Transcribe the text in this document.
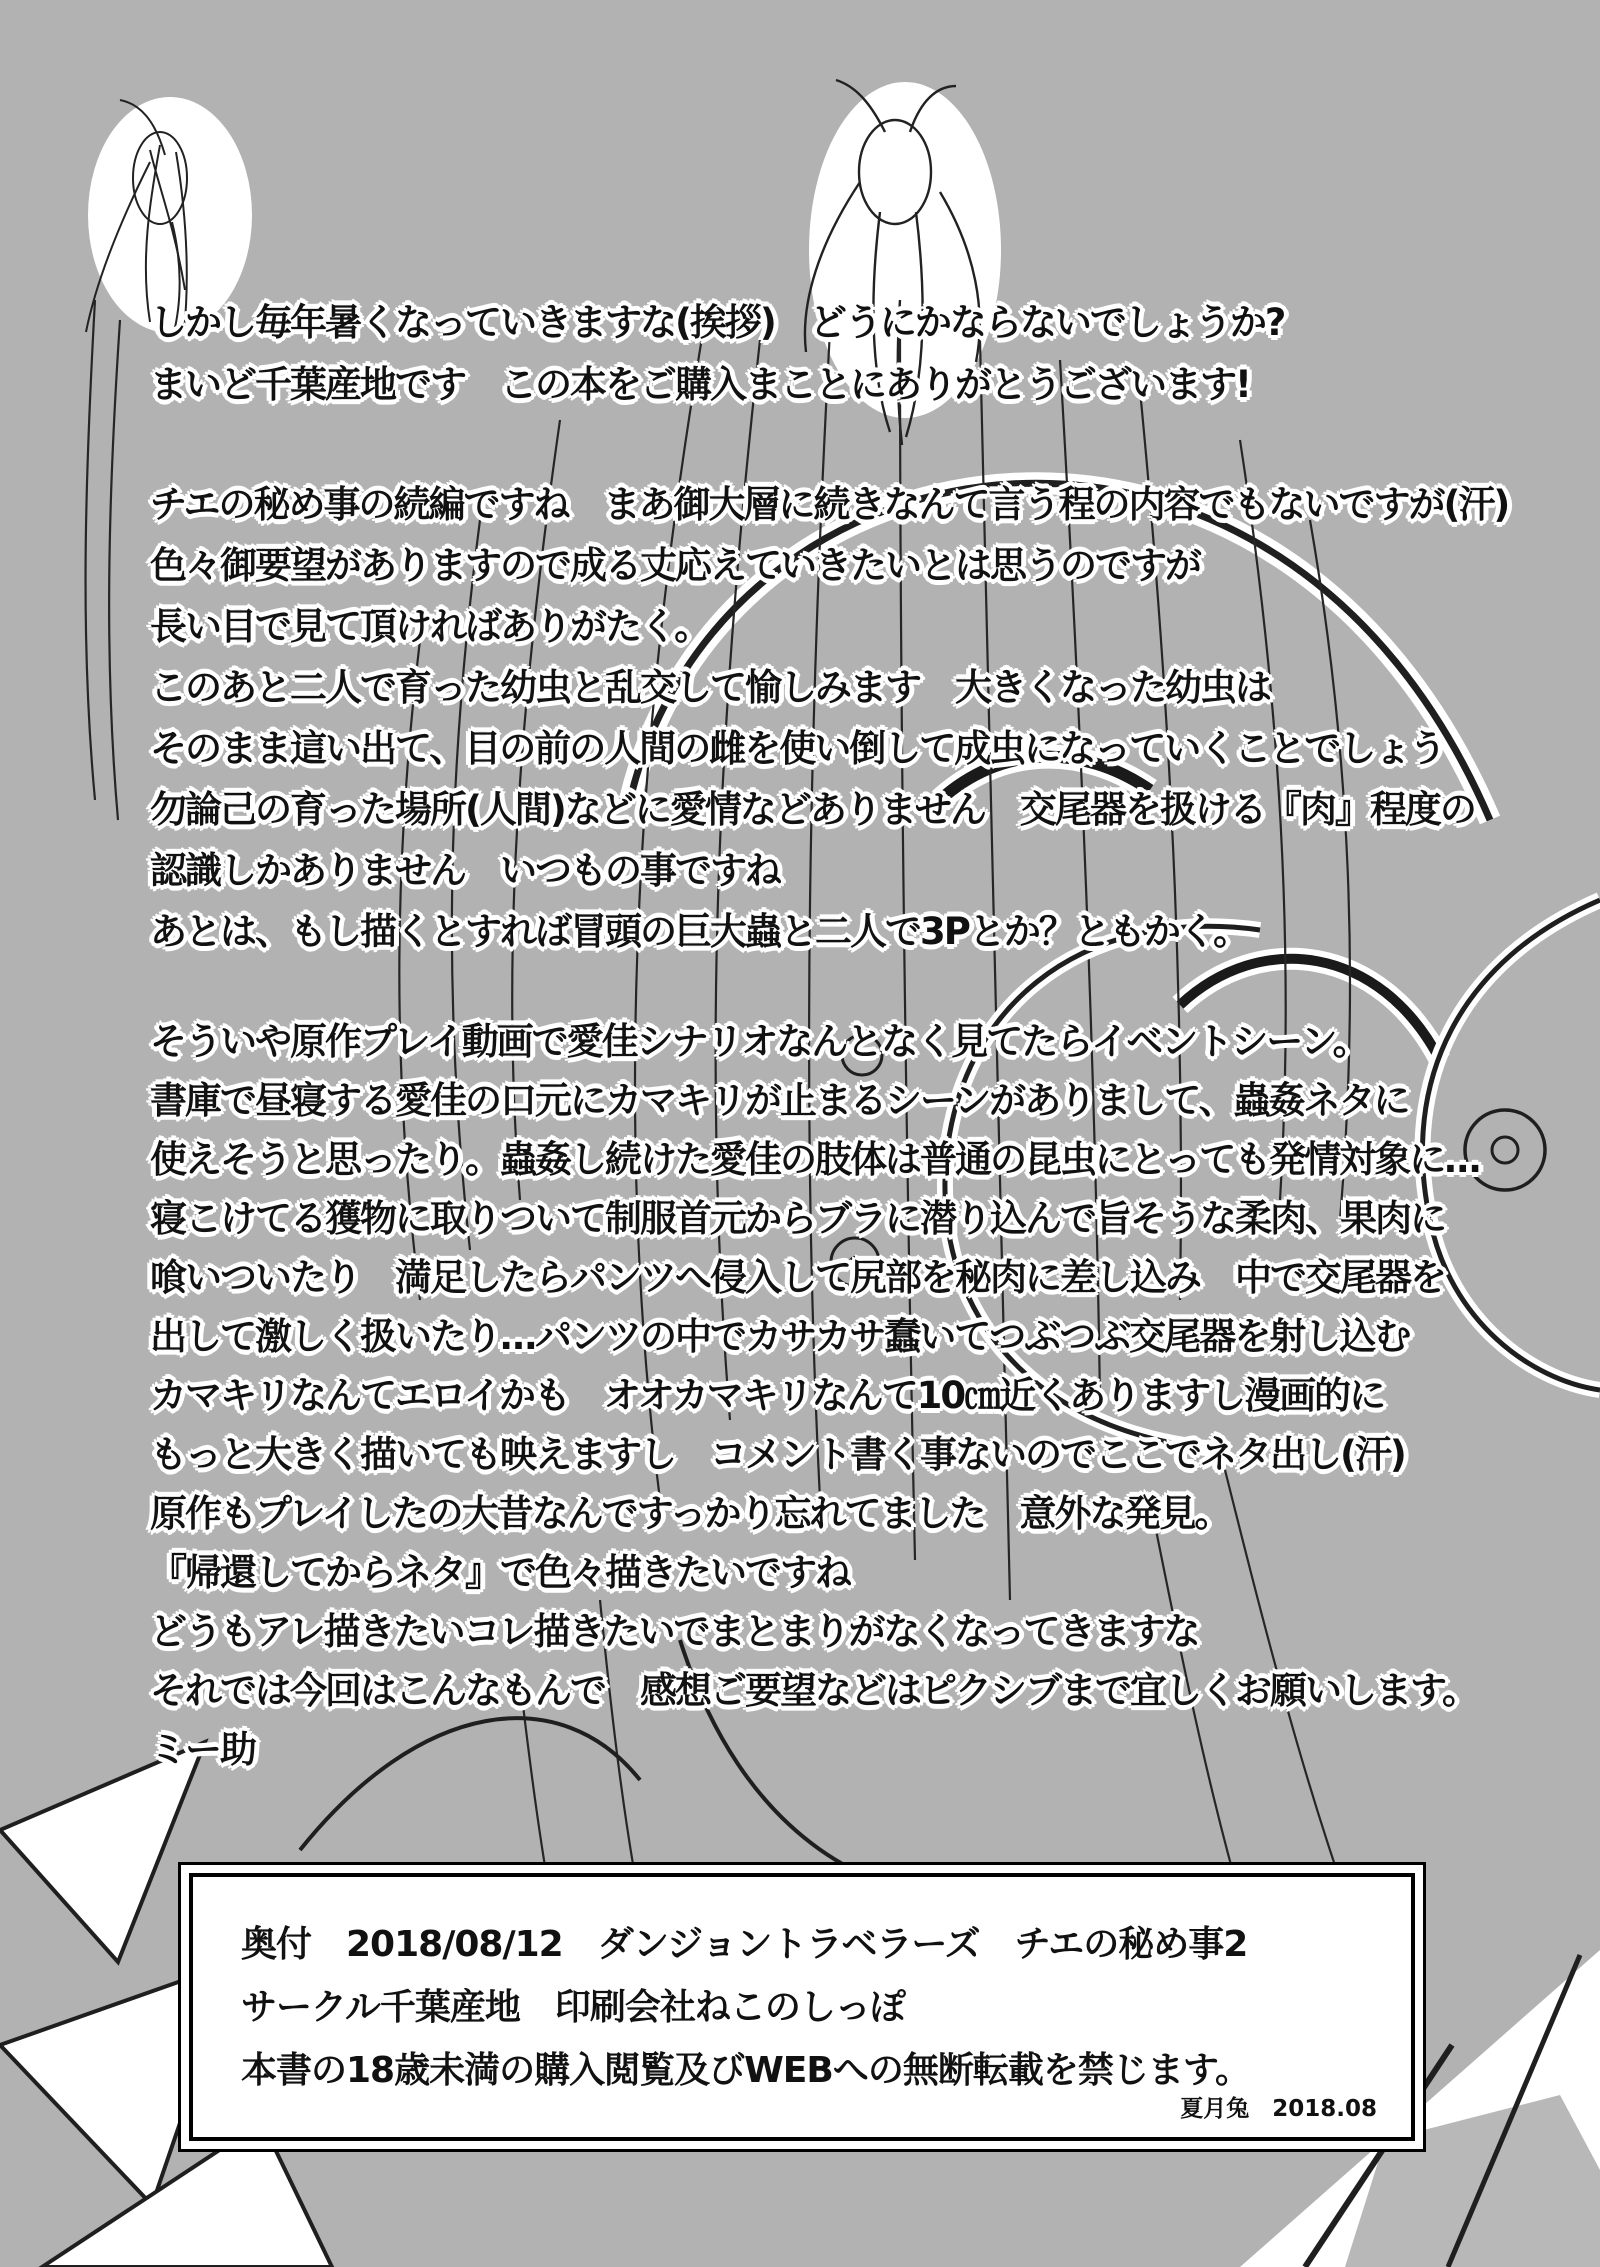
しかし毎年暑くなっていきますな(挨拶)　どうにかならないでしょうか?
まいど千葉産地です　この本をご購入まことにありがとうございます!
チエの秘め事の続編ですね　まあ御大層に続きなんて言う程の内容でもないですが(汗)
色々御要望がありますので成る丈応えていきたいとは思うのですが
長い目で見て頂ければありがたく。
このあと二人で育った幼虫と乱交して愉しみます　大きくなった幼虫は
そのまま這い出て、目の前の人間の雌を使い倒して成虫になっていくことでしょう
勿論己の育った場所(人間)などに愛情などありません　交尾器を扱ける『肉』程度の
認識しかありません　いつもの事ですね
あとは、もし描くとすれば冒頭の巨大蟲と二人で3Pとか？ともかく。
そういや原作プレイ動画で愛佳シナリオなんとなく見てたらイベントシーン。
書庫で昼寝する愛佳の口元にカマキリが止まるシーンがありまして、蟲姦ネタに
使えそうと思ったり。蟲姦し続けた愛佳の肢体は普通の昆虫にとっても発情対象に…
寝こけてる獲物に取りついて制服首元からブラに潜り込んで旨そうな柔肉、果肉に
喰いついたり　満足したらパンツへ侵入して尻部を秘肉に差し込み　中で交尾器を
出して激しく扱いたり…パンツの中でカサカサ蠢いてつぶつぶ交尾器を射し込む
カマキリなんてエロイかも　オオカマキリなんて10㎝近くありますし漫画的に
もっと大きく描いても映えますし　コメント書く事ないのでここでネタ出し(汗)
原作もプレイしたの大昔なんですっかり忘れてました　意外な発見。
『帰還してからネタ』で色々描きたいですね
どうもアレ描きたいコレ描きたいでまとまりがなくなってきますな
それでは今回はこんなもんで　感想ご要望などはピクシブまで宜しくお願いします。
ミー助
奥付　2018/08/12　ダンジョントラベラーズ　チエの秘め事2
サークル千葉産地　印刷会社ねこのしっぽ
本書の18歳未満の購入閲覧及びWEBへの無断転載を禁じます。
夏月兔　2018.08
